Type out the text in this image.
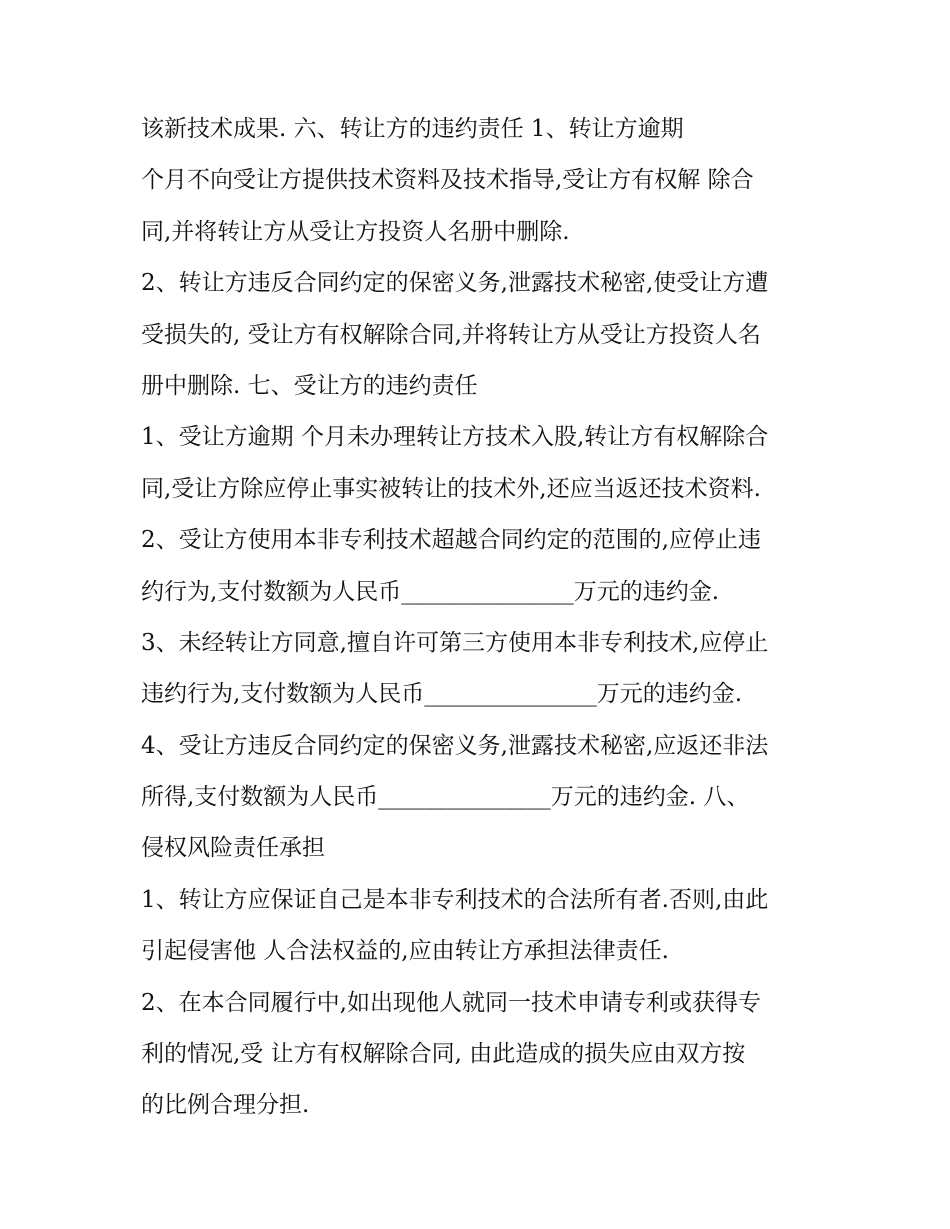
该新技术成果. 六、转让方的违约责任 1、转让方逾期
个月不向受让方提供技术资料及技术指导,受让方有权解 除合
同,并将转让方从受让方投资人名册中删除.
2、转让方违反合同约定的保密义务,泄露技术秘密,使受让方遭
受损失的, 受让方有权解除合同,并将转让方从受让方投资人名
册中删除. 七、受让方的违约责任
1、受让方逾期 个月未办理转让方技术入股,转让方有权解除合
同,受让方除应停止事实被转让的技术外,还应当返还技术资料.
2、受让方使用本非专利技术超越合同约定的范围的,应停止违
约行为,支付数额为人民币_______________万元的违约金.
3、未经转让方同意,擅自许可第三方使用本非专利技术,应停止
违约行为,支付数额为人民币_______________万元的违约金.
4、受让方违反合同约定的保密义务,泄露技术秘密,应返还非法
所得,支付数额为人民币_______________万元的违约金. 八、
侵权风险责任承担
1、转让方应保证自己是本非专利技术的合法所有者.否则,由此
引起侵害他 人合法权益的,应由转让方承担法律责任.
2、在本合同履行中,如出现他人就同一技术申请专利或获得专
利的情况,受 让方有权解除合同, 由此造成的损失应由双方按
的比例合理分担.
